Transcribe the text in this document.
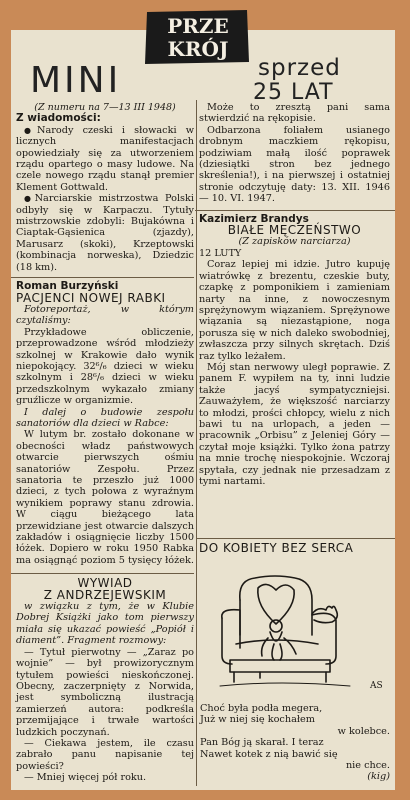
PRZE
KRÓJ
MINI	sprzed
25 LAT

(Z numeru na 7—13 III 1948)

Z wiadomości:

● Narody czeski i słowacki w licznych manifestacjach opowiedziały się za utworzeniem rządu opartego o masy ludowe. Na czele nowego rządu stanął premier Klement Gottwald.

● Narciarskie mistrzostwa Polski odbyły się w Karpaczu. Tytuły mistrzowskie zdobyli: Bujakówna i Ciaptak-Gąsienica (zjazdy), Marusarz (skoki), Krzeptowski (kombinacja norweska), Dziedzic (18 km).

Roman Burzyński

PACJENCI NOWEJ RABKI

Fotoreportaż, w którym czytaliśmy:

Przykładowe obliczenie, przeprowadzone wśród młodzieży szkolnej w Krakowie dało wynik niepokojący. 32⁶/₆ dzieci w wieku szkolnym i 28⁶/₆ dzieci w wieku przedszkolnym wykazało zmiany gruźlicze w organizmie.

I dalej o budowie zespołu sanatoriów dla dzieci w Rabce:

W lutym br. zostało dokonane w obecności władz państwowych otwarcie pierwszych ośmiu sanatoriów Zespołu. Przez sanatoria te przeszło już 1000 dzieci, z tych połowa z wyraźnym wynikiem poprawy stanu zdrowia. W ciągu bieżącego lata przewidziane jest otwarcie dalszych zakładów i osiągnięcie liczby 1500 łóżek. Dopiero w roku 1950 Rabka ma osiągnąć poziom 5 tysięcy łóżek.

WYWIAD

Z ANDRZEJEWSKIM

w związku z tym, że w Klubie Dobrej Książki jako tom pierwszy miała się ukazać powieść „Popiół i diament”. Fragment rozmowy:

— Tytuł pierwotny — „Zaraz po wojnie” — był prowizorycznym tytułem powieści nieskończonej. Obecny, zaczerpnięty z Norwida, jest symboliczną ilustracją zamierzeń autora: podkreśla przemijające i trwałe wartości ludzkich poczynań.

— Ciekawa jestem, ile czasu zabrało panu napisanie tej powieści?

— Mniej więcej pół roku.

Może to zresztą pani sama stwierdzić na rękopisie.

Odbarzona foliałem usianego drobnym maczkiem rękopisu, podziwiam małą ilość poprawek (dziesiątki stron bez jednego skreślenia!), i na pierwszej i ostatniej stronie odczytuję daty: 13. XII. 1946 — 10. VI. 1947.

Kazimierz Brandys

BIAŁE MĘCZEŃSTWO

(Z zapisków narciarza)

12 LUTY

Coraz lepiej mi idzie. Jutro kupuję wiatrówkę z brezentu, czeskie buty, czapkę z pomponikiem i zamieniam narty na inne, z nowoczesnym sprężynowym wiązaniem. Sprężynowe wiązania są niezastąpione, noga porusza się w nich daleko swobodniej, zwłaszcza przy silnych skrętach. Dziś raz tylko leżałem.

Mój stan nerwowy uległ poprawie. Z panem F. wypiłem na ty, inni ludzie także jacyś sympatyczniejsi. Zauważyłem, że większość narciarzy to młodzi, prości chłopcy, wielu z nich bawi tu na urlopach, a jeden — pracownik „Orbisu” z Jeleniej Góry — czytał moje książki. Tylko żona patrzy na mnie trochę niespokojnie. Wczoraj spytała, czy jednak nie przesadzam z tymi nartami.

DO KOBIETY BEZ SERCA
AS

Choć była podła megera,

Już w niej się kochałem

w kolebce.

Pan Bóg ją skarał. I teraz

Nawet kotek z nią bawić się

nie chce.

(kig)
